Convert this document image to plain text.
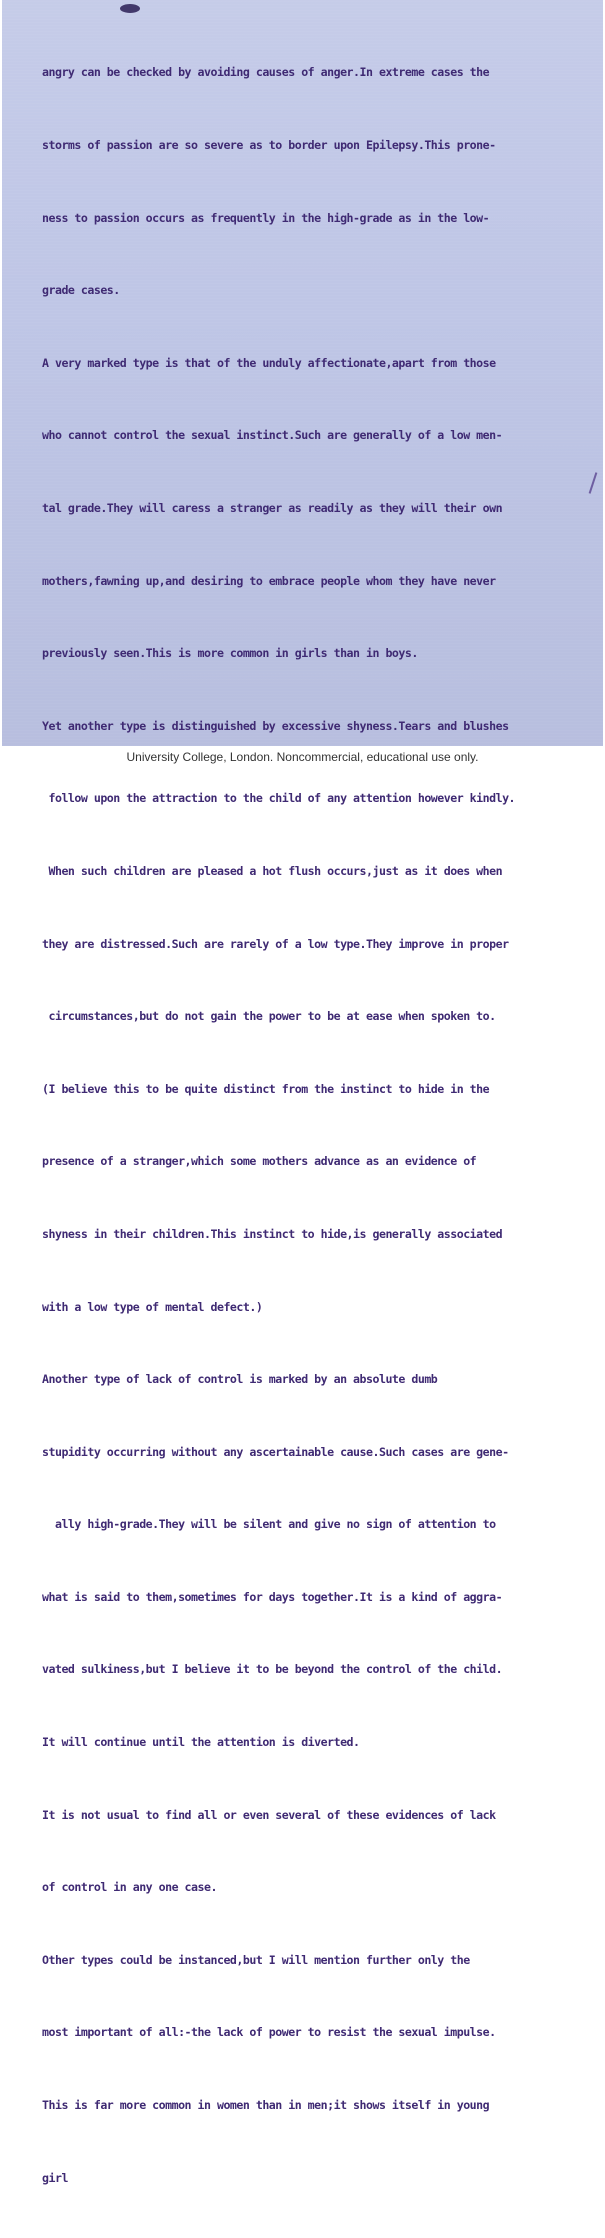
angry can be checked by avoiding causes of anger.In extreme cases the

storms of passion are so severe as to border upon Epilepsy.This prone-

ness to passion occurs as frequently in the high-grade as in the low-

grade cases.

A very marked type is that of the unduly affectionate,apart from those

who cannot control the sexual instinct.Such are generally of a low men-

tal grade.They will caress a stranger as readily as they will their own

mothers,fawning up,and desiring to embrace people whom they have never

previously seen.This is more common in girls than in boys.

Yet another type is distinguished by excessive shyness.Tears and blushes

follow upon the attraction to the child of any attention however kindly.

When such children are pleased a hot flush occurs,just as it does when

they are distressed.Such are rarely of a low type.They improve in proper

circumstances,but do not gain the power to be at ease when spoken to.

(I believe this to be quite distinct from the instinct to hide in the

presence of a stranger,which some mothers advance as an evidence of

shyness in their children.This instinct to hide,is generally associated

with a low type of mental defect.)

Another type of lack of control is marked by an absolute dumb

stupidity occurring without any ascertainable cause.Such cases are gene-

ally high-grade.They will be silent and give no sign of attention to

what is said to them,sometimes for days together.It is a kind of aggra-

vated sulkiness,but I believe it to be beyond the control of the child.

It will continue until the attention is diverted.

It is not usual to find all or even several of these evidences of lack

of control in any one case.

Other types could be instanced,but I will mention further only the

most important of all:-the lack of power to resist the sexual impulse.

This is far more common in women than in men;it shows itself in young

girl

University College, London. Noncommercial, educational use only.
